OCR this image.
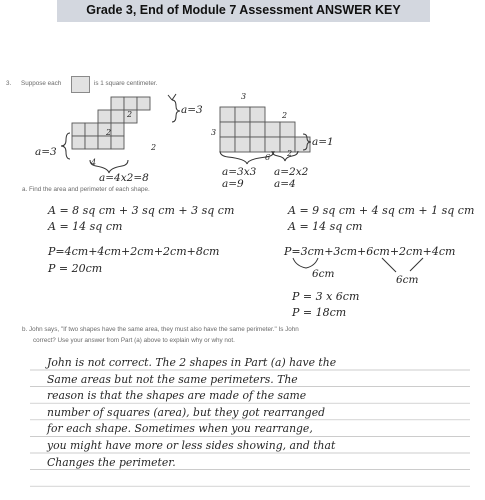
Grade 3, End of Module 7 Assessment ANSWER KEY
3. Suppose each	is 1 square centimeter.
2	a=3
a=3
2
4
2
a=4x2=8
3
3
2
6 2
a=1
a=3x3
a=9
a=2x2
a=4
a. Find the area and perimeter of each shape.
A = 8 sq cm + 3 sq cm + 3 sq cm
A = 14 sq cm
P=4cm+4cm+2cm+2cm+8cm
P = 20cm
A = 9 sq cm + 4 sq cm + 1 sq cm
A = 14 sq cm
P=3cm+3cm+6cm+2cm+4cm
6cm	6cm
P = 3 x 6cm
P = 18cm
b. John says, "If two shapes have the same area, they must also have the same perimeter." Is John
correct? Use your answer from Part (a) above to explain why or why not.
John is not correct. The 2 shapes in Part (a) have the
Same areas but not the same perimeters. The
reason is that the shapes are made of the same
number of squares (area), but they got rearranged
for each shape. Sometimes when you rearrange,
you might have more or less sides showing, and that
Changes the perimeter.
